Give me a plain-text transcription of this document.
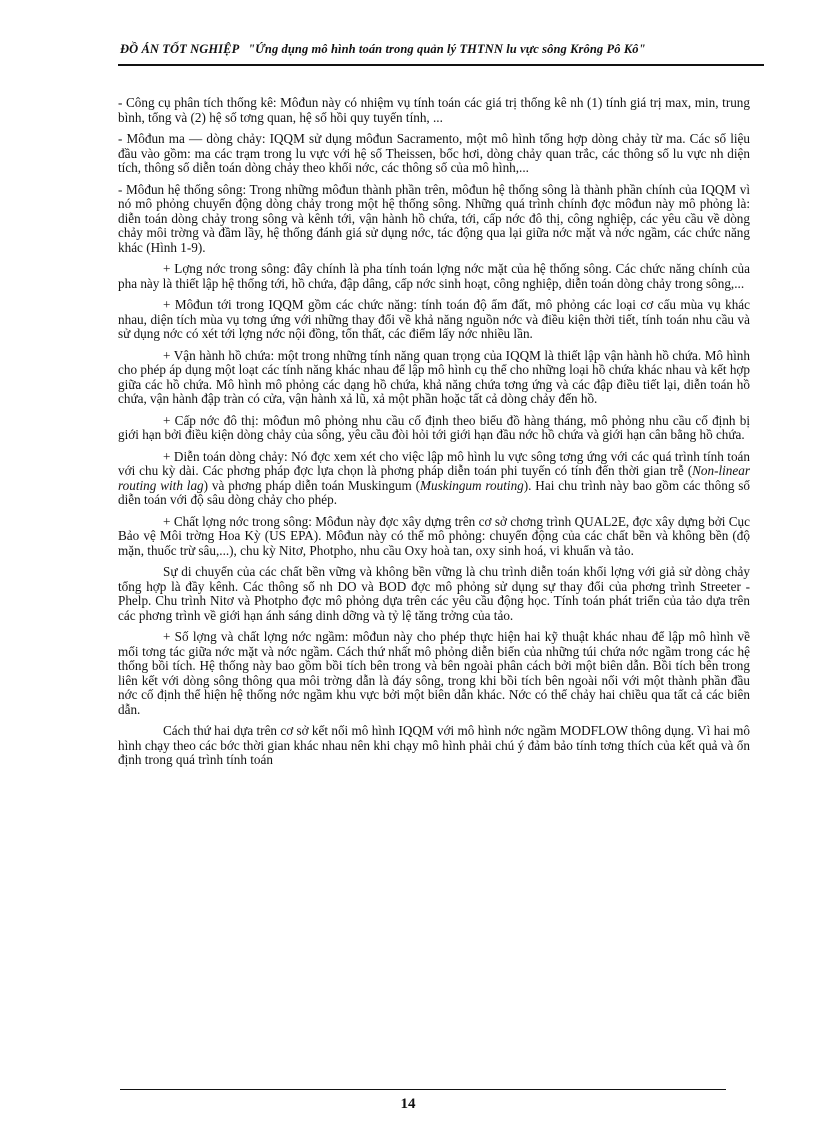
ĐỒ ÁN TỐT NGHIỆP "Ứng dụng mô hình toán trong quản lý THTNN lu vực sông Krông Pô Kô"

- Công cụ phân tích thống kê: Môđun này có nhiệm vụ tính toán các giá trị thống kê nh (1) tính giá trị max, min, trung bình, tổng và (2) hệ số tơng quan, hệ số hồi quy tuyến tính, ...

- Môđun ma — dòng chảy: IQQM sử dụng môđun Sacramento, một mô hình tổng hợp dòng chảy từ ma. Các số liệu đầu vào gồm: ma các trạm trong lu vực với hệ số Theissen, bốc hơi, dòng chảy quan trắc, các thông số lu vực nh diện tích, thông số diễn toán dòng chảy theo khối nớc, các thông số của mô hình,...

- Môđun hệ thống sông: Trong những môđun thành phần trên, môđun hệ thống sông là thành phần chính của IQQM vì nó mô phỏng chuyển động dòng chảy trong một hệ thống sông. Những quá trình chính đợc môđun này mô phỏng là: diễn toán dòng chảy trong sông và kênh tới, vận hành hồ chứa, tới, cấp nớc đô thị, công nghiệp, các yêu cầu về dòng chảy môi trờng và đầm lầy, hệ thống đánh giá sử dụng nớc, tác động qua lại giữa nớc mặt và nớc ngầm, các chức năng khác (Hình 1-9).

+ Lợng nớc trong sông: đây chính là pha tính toán lợng nớc mặt của hệ thống sông. Các chức năng chính của pha này là thiết lập hệ thống tới, hồ chứa, đập dâng, cấp nớc sinh hoạt, công nghiệp, diễn toán dòng chảy trong sông,...

+ Môđun tới trong IQQM gồm các chức năng: tính toán độ ẩm đất, mô phỏng các loại cơ cấu mùa vụ khác nhau, diện tích mùa vụ tơng ứng với những thay đổi về khả năng nguồn nớc và điều kiện thời tiết, tính toán nhu cầu và sử dụng nớc có xét tới lợng nớc nội đồng, tổn thất, các điểm lấy nớc nhiều lần.

+ Vận hành hồ chứa: một trong những tính năng quan trọng của IQQM là thiết lập vận hành hồ chứa. Mô hình cho phép áp dụng một loạt các tính năng khác nhau để lập mô hình cụ thể cho những loại hồ chứa khác nhau và kết hợp giữa các hồ chứa. Mô hình mô phỏng các dạng hồ chứa, khả năng chứa tơng ứng và các đập điều tiết lại, diễn toán hồ chứa, vận hành đập tràn có cửa, vận hành xả lũ, xả một phần hoặc tất cả dòng chảy đến hồ.

+ Cấp nớc đô thị: môđun mô phỏng nhu cầu cố định theo biểu đồ hàng tháng, mô phỏng nhu cầu cố định bị giới hạn bởi điều kiện dòng chảy của sông, yêu cầu đòi hỏi tới giới hạn đầu nớc hồ chứa và giới hạn cân bằng hồ chứa.

+ Diễn toán dòng chảy: Nó đợc xem xét cho việc lập mô hình lu vực sông tơng ứng với các quá trình tính toán với chu kỳ dài. Các phơng pháp đợc lựa chọn là phơng pháp diễn toán phi tuyến có tính đến thời gian trễ (Non-linear routing with lag) và phơng pháp diễn toán Muskingum (Muskingum routing). Hai chu trình này bao gồm các thông số diễn toán với độ sâu dòng chảy cho phép.

+ Chất lợng nớc trong sông: Môđun này đợc xây dựng trên cơ sở chơng trình QUAL2E, đợc xây dựng bởi Cục Bảo vệ Môi trờng Hoa Kỳ (US EPA). Môđun này có thể mô phỏng: chuyển động của các chất bền và không bền (độ mặn, thuốc trừ sâu,...), chu kỳ Nitơ, Photpho, nhu cầu Oxy hoà tan, oxy sinh hoá, vi khuẩn và tảo.

Sự di chuyển của các chất bền vững và không bền vững là chu trình diễn toán khối lợng với giả sử dòng chảy tổng hợp là đầy kênh. Các thông số nh DO và BOD đợc mô phỏng sử dụng sự thay đổi của phơng trình Streeter - Phelp. Chu trình Nitơ và Photpho đợc mô phỏng dựa trên các yêu cầu động học. Tính toán phát triển của tảo dựa trên các phơng trình về giới hạn ánh sáng dinh dỡng và tỷ lệ tăng trởng của tảo.

+ Số lợng và chất lợng nớc ngầm: môđun này cho phép thực hiện hai kỹ thuật khác nhau để lập mô hình về mối tơng tác giữa nớc mặt và nớc ngầm. Cách thứ nhất mô phỏng diễn biến của những túi chứa nớc ngầm trong các hệ thống bồi tích. Hệ thống này bao gồm bồi tích bên trong và bên ngoài phân cách bởi một biên dẫn. Bồi tích bên trong liên kết với dòng sông thông qua môi trờng dẫn là đáy sông, trong khi bồi tích bên ngoài nối với một thành phần đầu nớc cố định thể hiện hệ thống nớc ngầm khu vực bởi một biên dẫn khác. Nớc có thể chảy hai chiều qua tất cả các biên dẫn.

Cách thứ hai dựa trên cơ sở kết nối mô hình IQQM với mô hình nớc ngầm MODFLOW thông dụng. Vì hai mô hình chạy theo các bớc thời gian khác nhau nên khi chạy mô hình phải chú ý đảm bảo tính tơng thích của kết quả và ổn định trong quá trình tính toán

14
